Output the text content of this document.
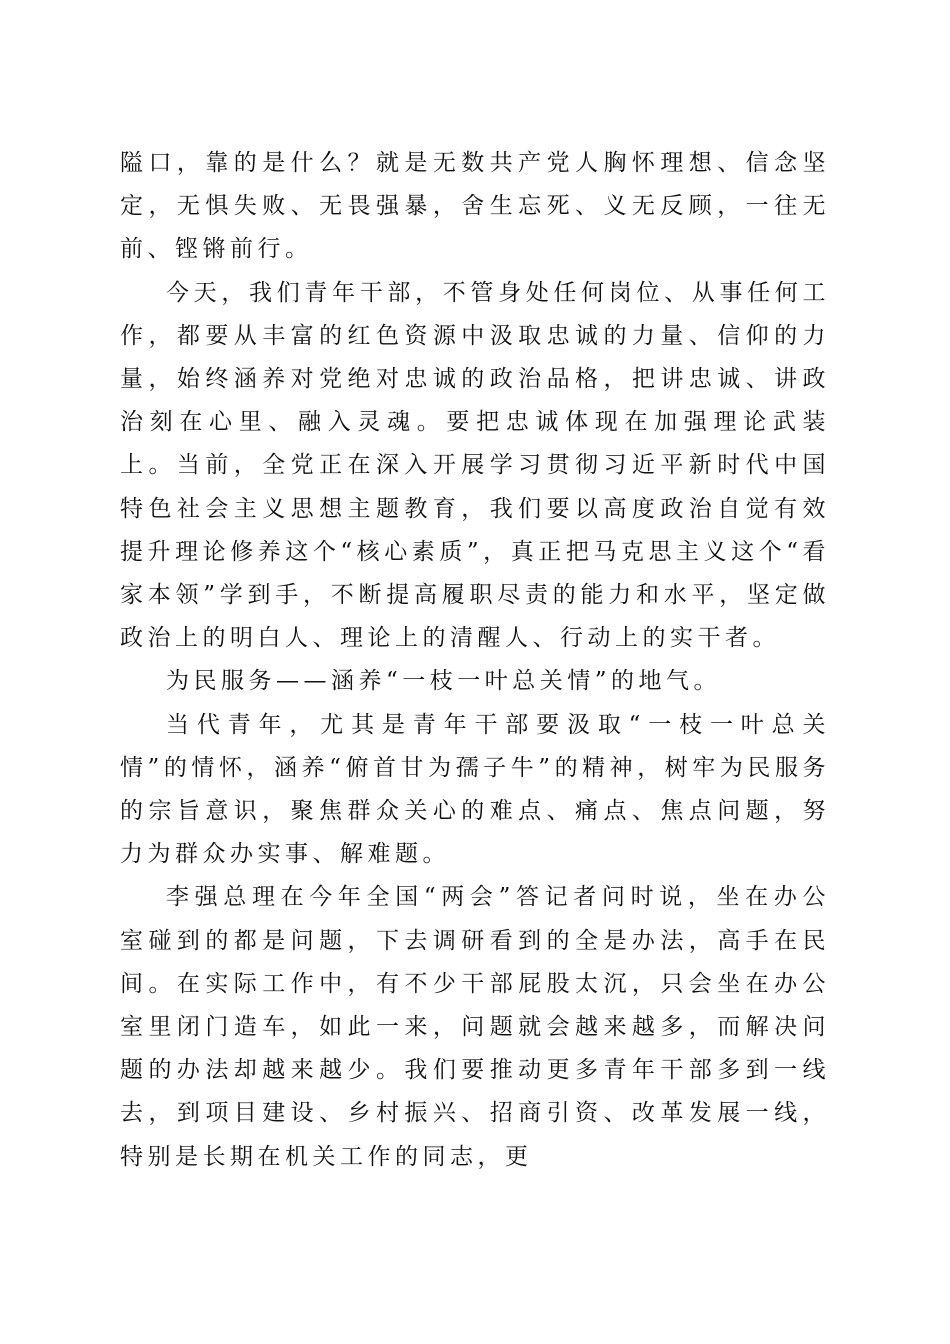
隘口，靠的是什么？就是无数共产党人胸怀理想、信念坚定，无惧失败、无畏强暴，舍生忘死、义无反顾，一往无前、铿锵前行。

今天，我们青年干部，不管身处任何岗位、从事任何工作，都要从丰富的红色资源中汲取忠诚的力量、信仰的力量，始终涵养对党绝对忠诚的政治品格，把讲忠诚、讲政治刻在心里、融入灵魂。要把忠诚体现在加强理论武装上。当前，全党正在深入开展学习贯彻习近平新时代中国特色社会主义思想主题教育，我们要以高度政治自觉有效提升理论修养这个“核心素质”，真正把马克思主义这个“看家本领”学到手，不断提高履职尽责的能力和水平，坚定做政治上的明白人、理论上的清醒人、行动上的实干者。

为民服务——涵养“一枝一叶总关情”的地气。

当代青年，尤其是青年干部要汲取“一枝一叶总关情”的情怀，涵养“俯首甘为孺子牛”的精神，树牢为民服务的宗旨意识，聚焦群众关心的难点、痛点、焦点问题，努力为群众办实事、解难题。

李强总理在今年全国“两会”答记者问时说，坐在办公室碰到的都是问题，下去调研看到的全是办法，高手在民间。在实际工作中，有不少干部屁股太沉，只会坐在办公室里闭门造车，如此一来，问题就会越来越多，而解决问题的办法却越来越少。我们要推动更多青年干部多到一线去，到项目建设、乡村振兴、招商引资、改革发展一线，特别是长期在机关工作的同志，更
